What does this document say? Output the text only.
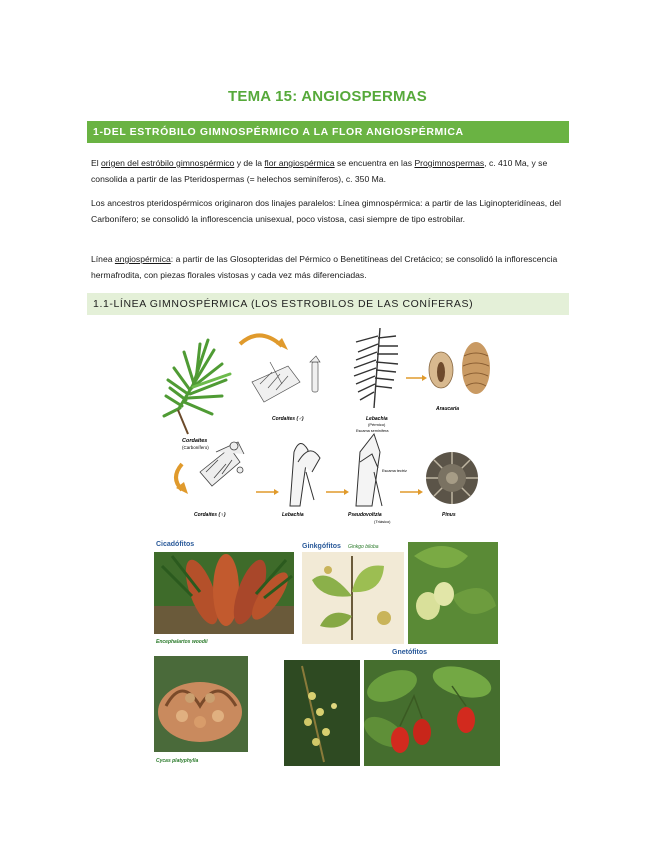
TEMA 15: ANGIOSPERMAS
1-DEL ESTRÓBILO GIMNOSPÉRMICO A LA FLOR ANGIOSPÉRMICA

El origen del estróbilo gimnospérmico y de la flor angiospérmica se encuentra en las Progimnospermas, c. 410 Ma, y se consolida a partir de las Pteridospermas (= helechos seminíferos), c. 350 Ma.

Los ancestros pteridospérmicos originaron dos linajes paralelos: Línea gimnospérmica: a partir de las Liginopteridíneas, del Carbonífero; se consolidó la inflorescencia unisexual, poco vistosa, casi siempre de tipo estrobilar.

Línea angiospérmica: a partir de las Glosopteridas del Pérmico o Benetitíneas del Cretácico; se consolidó la inflorescencia hermafrodita, con piezas florales vistosas y cada vez más diferenciadas.

1.1-LÍNEA GIMNOSPÉRMICA (LOS ESTROBILOS DE LAS CONÍFERAS)
Cordaites
(Carbonífero)
Cordaites (♂)	Lebachia
(Pérmico)
Araucaria
Cordaites (♀)	Lebachia
Escama seminífera
Escama tectriz
Pseudovoltzia
(Triásico)
Pinus
Cicadófitos
Encephalartos woodii
Ginkgófitos Ginkgo biloba
Cycas platyphylla
Gnetófitos
